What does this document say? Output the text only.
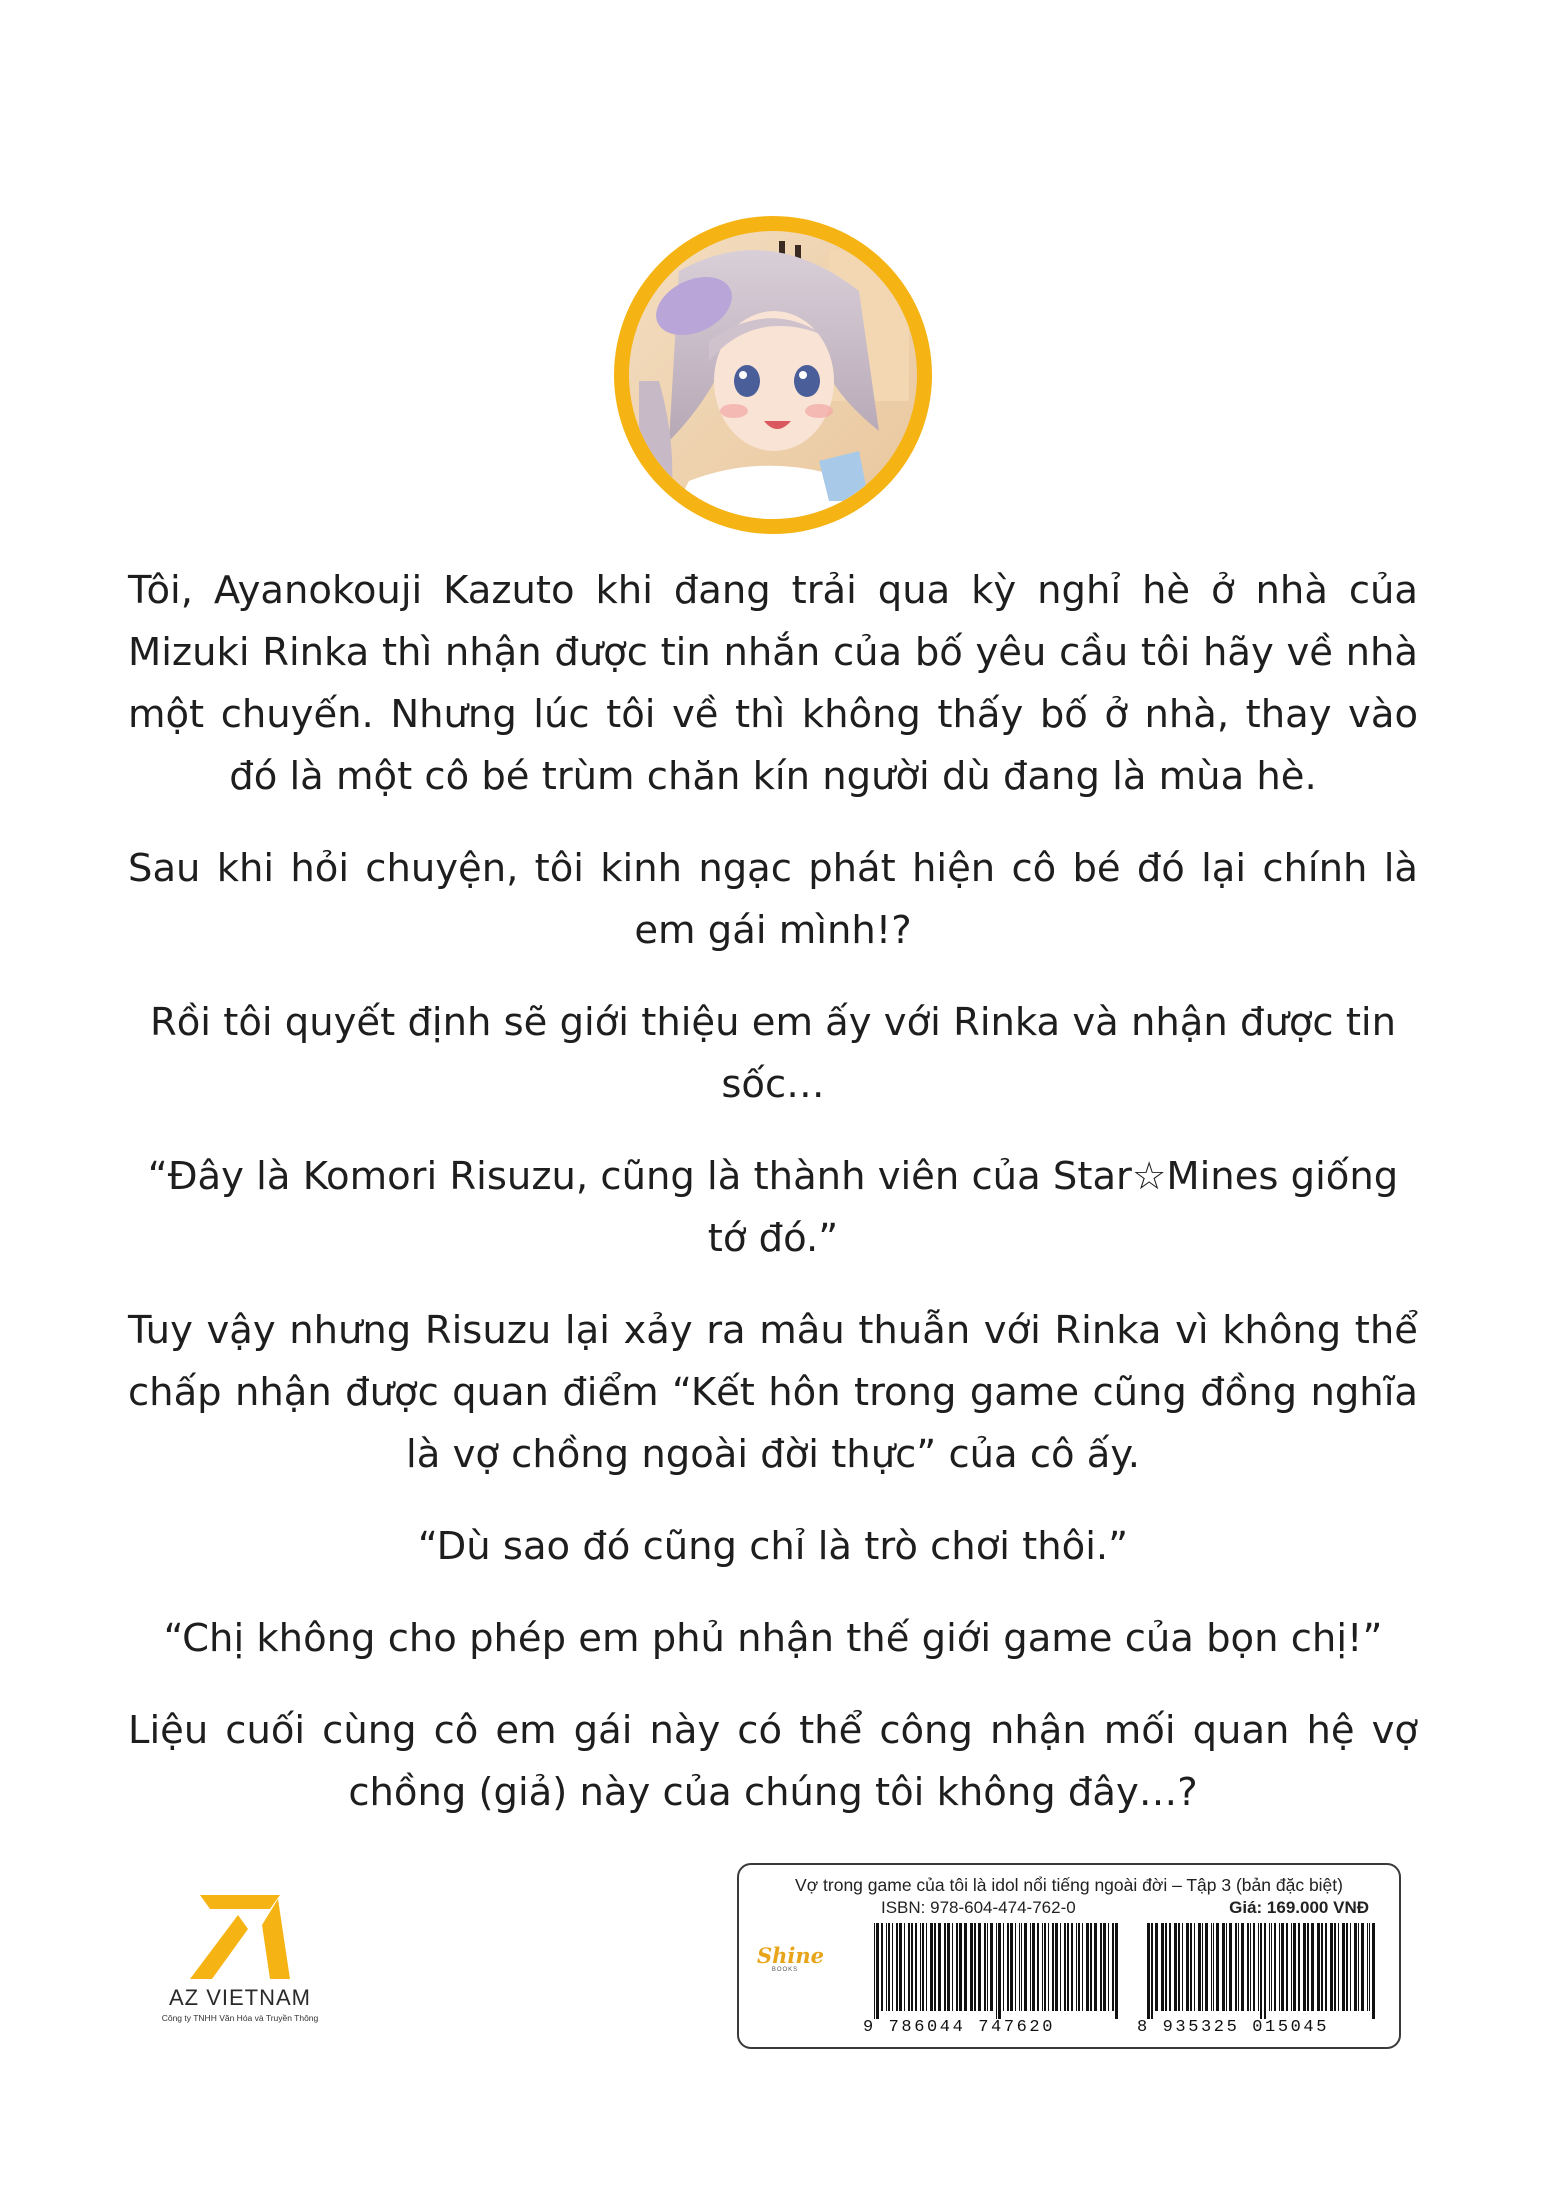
Tôi, Ayanokouji Kazuto khi đang trải qua kỳ nghỉ hè ở nhà của Mizuki Rinka thì nhận được tin nhắn của bố yêu cầu tôi hãy về nhà một chuyến. Nhưng lúc tôi về thì không thấy bố ở nhà, thay vào đó là một cô bé trùm chăn kín người dù đang là mùa hè.

Sau khi hỏi chuyện, tôi kinh ngạc phát hiện cô bé đó lại chính là em gái mình!?

Rồi tôi quyết định sẽ giới thiệu em ấy với Rinka và nhận được tin sốc…

“Đây là Komori Risuzu, cũng là thành viên của Star☆Mines giống tớ đó.”

Tuy vậy nhưng Risuzu lại xảy ra mâu thuẫn với Rinka vì không thể chấp nhận được quan điểm “Kết hôn trong game cũng đồng nghĩa là vợ chồng ngoài đời thực” của cô ấy.

“Dù sao đó cũng chỉ là trò chơi thôi.”

“Chị không cho phép em phủ nhận thế giới game của bọn chị!”

Liệu cuối cùng cô em gái này có thể công nhận mối quan hệ vợ chồng (giả) này của chúng tôi không đây…?

AZ VIETNAM
Công ty TNHH Văn Hóa và Truyền Thông
Vợ trong game của tôi là idol nổi tiếng ngoài đời – Tập 3 (bản đặc biệt)
ISBN: 978-604-474-762-0	Giá: 169.000 VNĐ
Shine
BOOKS
9 786044 747620	8 935325 015045
